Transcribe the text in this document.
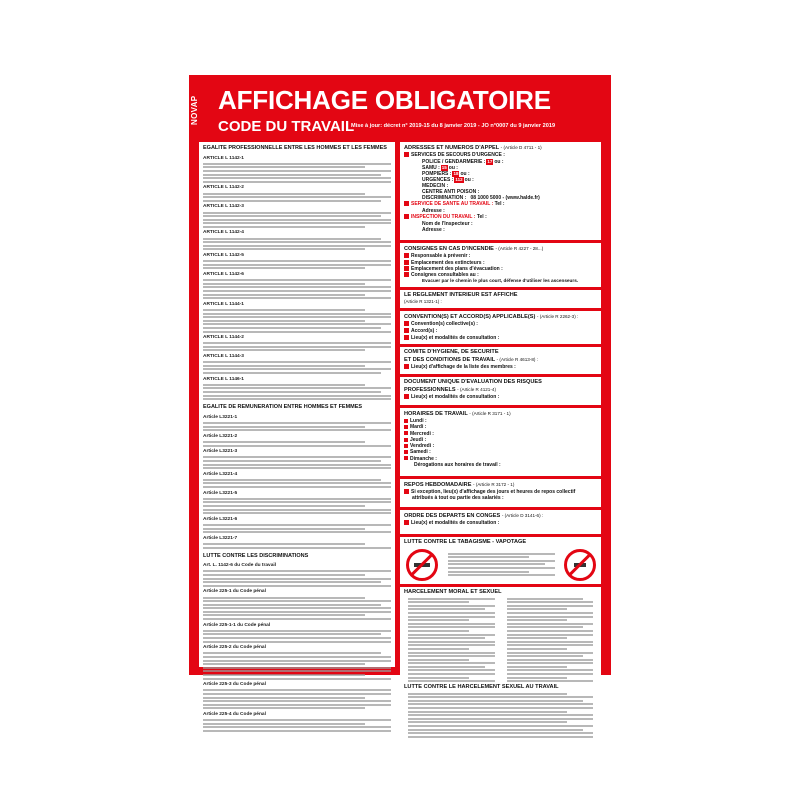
NOVAP AFFICHAGE OBLIGATOIRE
CODE DU TRAVAIL
Mise à jour: décret n° 2019-15 du 8 janvier 2019 - JO n°0007 du 9 janvier 2019
EGALITE PROFESSIONNELLE ENTRE LES HOMMES ET LES FEMMES
ARTICLE L 1142-1
ARTICLE L 1142-2
ARTICLE L 1142-3
ARTICLE L 1142-4
ARTICLE L 1142-5
ARTICLE L 1142-6
ARTICLE L 1144-1
ARTICLE L 1144-2
ARTICLE L 1144-3
ARTICLE L 1146-1
EGALITE DE REMUNERATION ENTRE HOMMES ET FEMMES
Article L3221-1
Article L3221-2
Article L3221-3
Article L3221-4
Article L3221-5
Article L3221-6
Article L3221-7
LUTTE CONTRE LES DISCRIMINATIONS
Art. L. 1142-6 du Code du travail
Article 225-1 du Code pénal
Article 225-1-1 du Code pénal
Article 225-2 du Code pénal
Article 225-3 du Code pénal
Article 225-4 du Code pénal
ADRESSES ET NUMEROS D'APPEL - (Article D 4711 - 1)
SERVICES DE SECOURS D'URGENCE :
POLICE / GENDARMERIE : 17 ou :
SAMU : 15 ou :
POMPIERS : 18 ou :
URGENCES : 112 ou :
MEDECIN :
CENTRE ANTI POISON :
DISCRIMINATION : 08 1000 5000 - (www.halde.fr)
SERVICE DE SANTE AU TRAVAIL : Tel :
Adresse :
INSPECTION DU TRAVAIL : Tel :
Nom de l'Inspecteur :
Adresse :
CONSIGNES EN CAS D'INCENDIE - (Article R 4227 - 28...)
Responsable à prévenir :
Emplacement des extincteurs :
Emplacement des plans d'évacuation :
Consignes consultables au :
Evacuer par le chemin le plus court, défense d'utiliser les ascenseurs.
LE REGLEMENT INTERIEUR EST AFFICHE
(Article R 1321-1) :
CONVENTION(S) ET ACCORD(S) APPLICABLE(S) - (Article R 2262-3) :
Convention(s) collective(s) :
Accord(s) :
Lieu(x) et modalités de consultation :
COMITE D'HYGIENE, DE SECURITE
ET DES CONDITIONS DE TRAVAIL - (Article R 4613-8) :
Lieu(x) d'affichage de la liste des membres :
DOCUMENT UNIQUE D'EVALUATION DES RISQUES
PROFESSIONNELS - (Article R 4121-4)
Lieu(x) et modalités de consultation :
HORAIRES DE TRAVAIL - (Article R 3171 - 1)
Lundi :
Mardi :
Mercredi :
Jeudi :
Vendredi :
Samedi :
Dimanche :
Dérogations aux horaires de travail :
REPOS HEBDOMADAIRE - (Article R 3172 - 1)
Si exception, lieu(x) d'affichage des jours et heures de repos collectif
attribués à tout ou partie des salariés :
ORDRE DES DEPARTS EN CONGES - (Article D 3141-6) :
Lieu(x) et modalités de consultation :
LUTTE CONTRE LE TABAGISME - VAPOTAGE
HARCELEMENT MORAL ET SEXUEL
LUTTE CONTRE LE HARCELEMENT SEXUEL AU TRAVAIL
